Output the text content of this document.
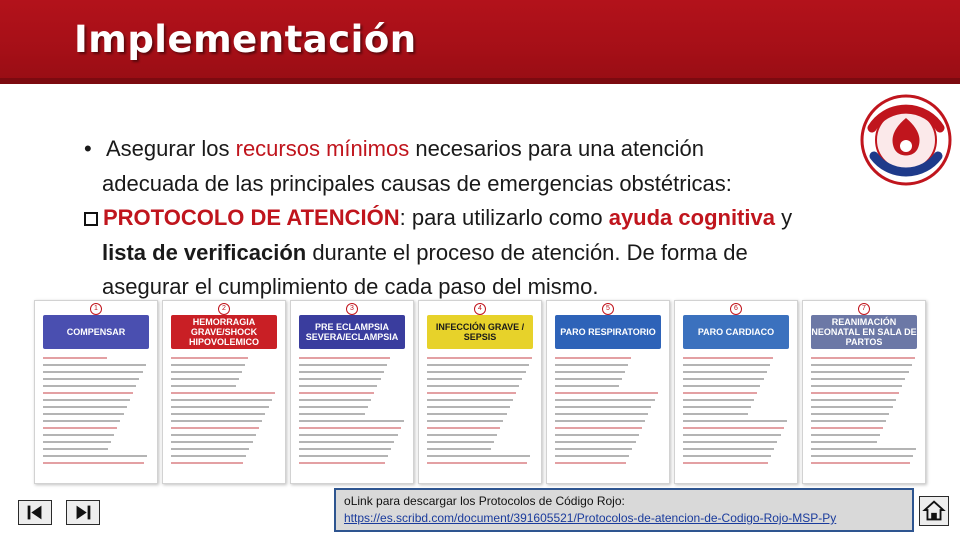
Implementación
• Asegurar los recursos mínimos necesarios para una atención
adecuada de las principales causas de emergencias obstétricas:
PROTOCOLO DE ATENCIÓN: para utilizarlo como ayuda cognitiva y
lista de verificación durante el proceso de atención. De forma de
asegurar el cumplimiento de cada paso del mismo.
1
COMPENSAR
2
HEMORRAGIA GRAVE/SHOCK HIPOVOLEMICO
3
PRE ECLAMPSIA SEVERA/ECLAMPSIA
4
INFECCIÓN GRAVE / SEPSIS
5
PARO RESPIRATORIO
6
PARO CARDIACO
7
REANIMACIÓN NEONATAL EN SALA DE PARTOS
oLink para descargar los Protocolos de Código Rojo:
https://es.scribd.com/document/391605521/Protocolos-de-atencion-de-Codigo-Rojo-MSP-Py
